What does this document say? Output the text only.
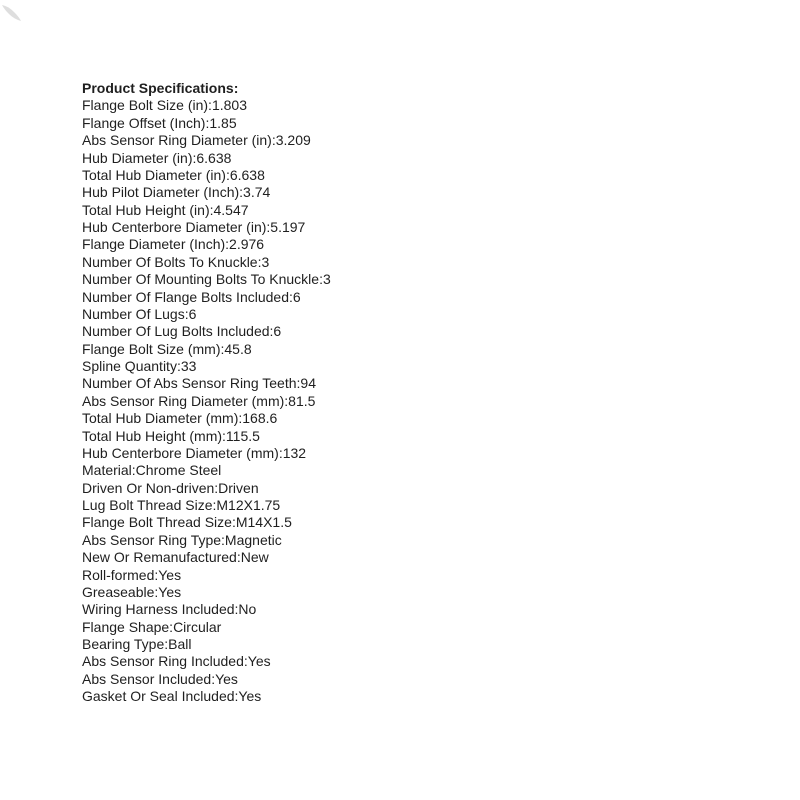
Product Specifications:
Flange Bolt Size (in):1.803
Flange Offset (Inch):1.85
Abs Sensor Ring Diameter (in):3.209
Hub Diameter (in):6.638
Total Hub Diameter (in):6.638
Hub Pilot Diameter (Inch):3.74
Total Hub Height (in):4.547
Hub Centerbore Diameter (in):5.197
Flange Diameter (Inch):2.976
Number Of Bolts To Knuckle:3
Number Of Mounting Bolts To Knuckle:3
Number Of Flange Bolts Included:6
Number Of Lugs:6
Number Of Lug Bolts Included:6
Flange Bolt Size (mm):45.8
Spline Quantity:33
Number Of Abs Sensor Ring Teeth:94
Abs Sensor Ring Diameter (mm):81.5
Total Hub Diameter (mm):168.6
Total Hub Height (mm):115.5
Hub Centerbore Diameter (mm):132
Material:Chrome Steel
Driven Or Non-driven:Driven
Lug Bolt Thread Size:M12X1.75
Flange Bolt Thread Size:M14X1.5
Abs Sensor Ring Type:Magnetic
New Or Remanufactured:New
Roll-formed:Yes
Greaseable:Yes
Wiring Harness Included:No
Flange Shape:Circular
Bearing Type:Ball
Abs Sensor Ring Included:Yes
Abs Sensor Included:Yes
Gasket Or Seal Included:Yes
